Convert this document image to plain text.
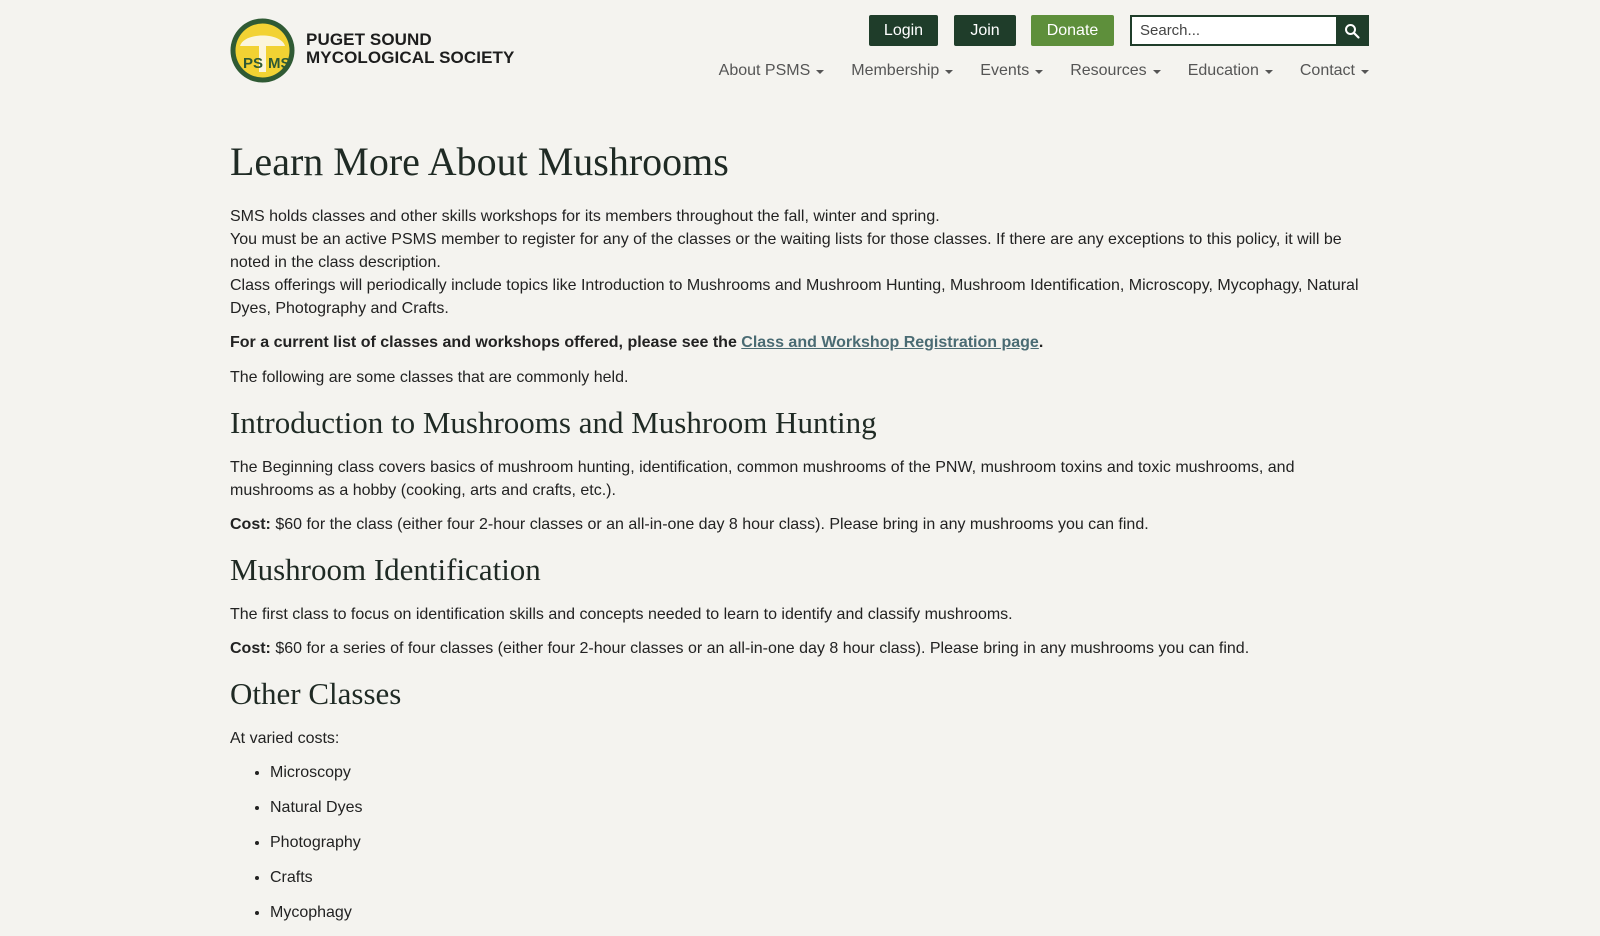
PS MS
PUGET SOUND
MYCOLOGICAL SOCIETY
Login	Join	Donate
Search...
About PSMS	Membership	Events	Resources	Education	Contact
Learn More About Mushrooms

SMS holds classes and other skills workshops for its members throughout the fall, winter and spring.

You must be an active PSMS member to register for any of the classes or the waiting lists for those classes. If there are any exceptions to this policy, it will be noted in the class description.

Class offerings will periodically include topics like Introduction to Mushrooms and Mushroom Hunting, Mushroom Identification, Microscopy, Mycophagy, Natural Dyes, Photography and Crafts.

For a current list of classes and workshops offered, please see the Class and Workshop Registration page.

The following are some classes that are commonly held.

Introduction to Mushrooms and Mushroom Hunting

The Beginning class covers basics of mushroom hunting, identification, common mushrooms of the PNW, mushroom toxins and toxic mushrooms, and mushrooms as a hobby (cooking, arts and crafts, etc.).

Cost: $60 for the class (either four 2-hour classes or an all-in-one day 8 hour class). Please bring in any mushrooms you can find.

Mushroom Identification

The first class to focus on identification skills and concepts needed to learn to identify and classify mushrooms.

Cost: $60 for a series of four classes (either four 2-hour classes or an all-in-one day 8 hour class). Please bring in any mushrooms you can find.

Other Classes

At varied costs:

• Microscopy
• Natural Dyes
• Photography
• Crafts
• Mycophagy
